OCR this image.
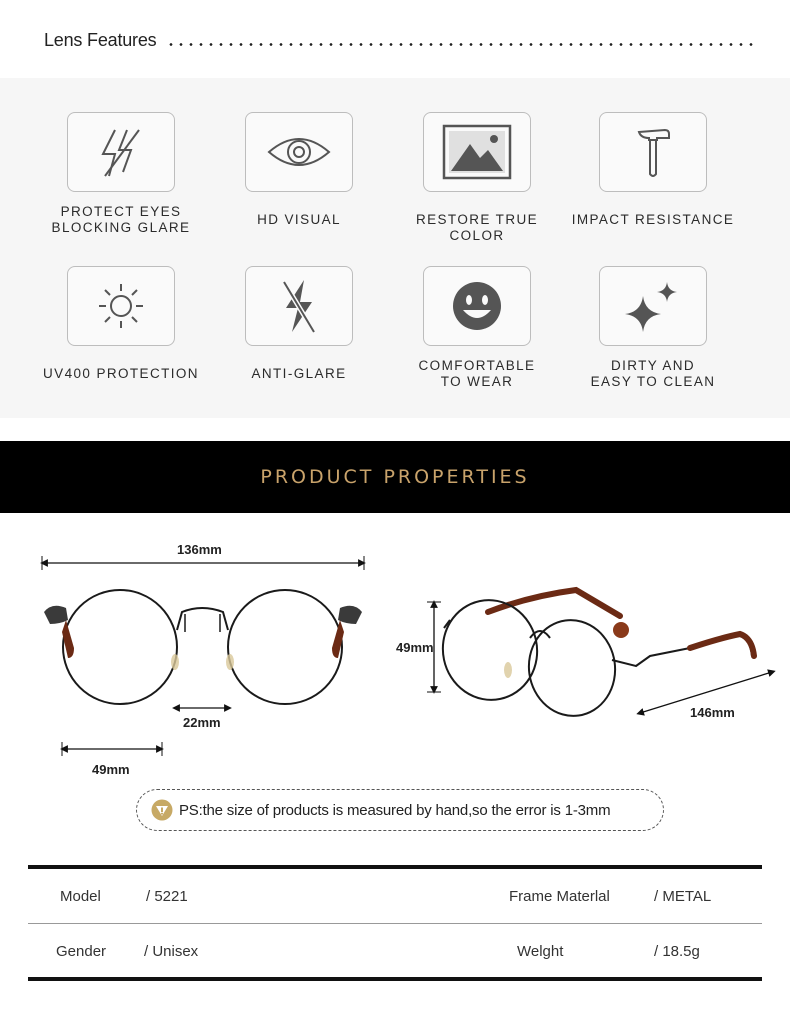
Lens Features
PROTECT EYES
BLOCKING GLARE
HD VISUAL	RESTORE TRUE COLOR
IMPACT RESISTANCE
UV400 PROTECTION	ANTI-GLARE
COMFORTABLE
TO WEAR
DIRTY AND
EASY TO CLEAN
PRODUCT PROPERTIES
136mm
22mm
49mm
49mm
146mm
PS:the size of products is measured by hand,so the error is 1-3mm
Model	/ 5221	Frame Materlal	/ METAL
Gender	/ Unisex	Welght	/ 18.5g
